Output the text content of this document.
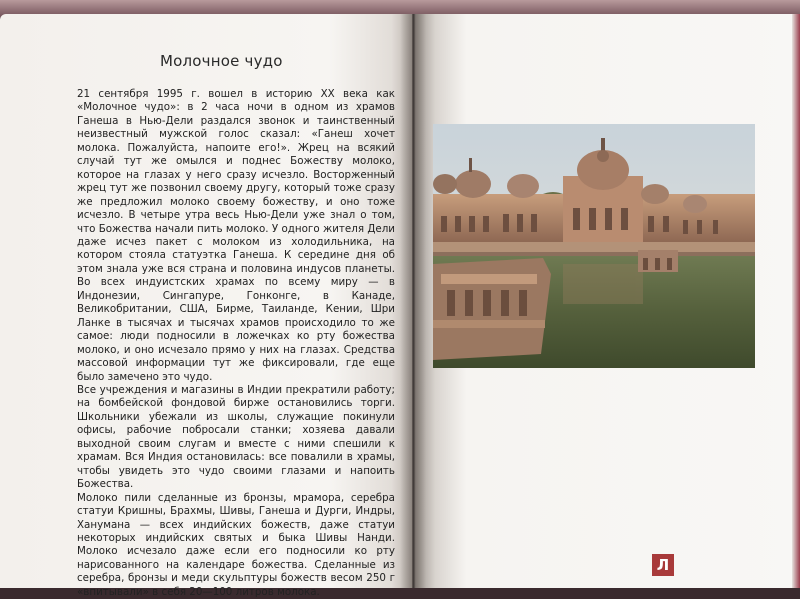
Молочное чудо

21 сентября 1995 г. вошел в историю XX века как «Молочное чудо»: в 2 часа ночи в одном из храмов Ганеша в Нью-Дели раздался звонок и таинственный неизвестный мужской голос сказал: «Ганеш хочет молока. Пожалуйста, напоите его!». Жрец на всякий случай тут же омылся и поднес Божеству молоко, которое на глазах у него сразу исчезло. Восторженный жрец тут же позвонил своему другу, который тоже сразу же предложил молоко своему божеству, и оно тоже исчезло. В четыре утра весь Нью-Дели уже знал о том, что Божества начали пить молоко. У одного жителя Дели даже исчез пакет с молоком из холодильника, на котором стояла статуэтка Ганеша. К середине дня об этом знала уже вся страна и половина индусов планеты. Во всех индуистских храмах по всему миру — в Индонезии, Сингапуре, Гонконге, в Канаде, Великобритании, США, Бирме, Таиланде, Кении, Шри Ланке в тысячах и тысячах храмов происходило то же самое: люди подносили в ложечках ко рту божества молоко, и оно исчезало прямо у них на глазах. Средства массовой информации тут же фиксировали, где еще было замечено это чудо.

Все учреждения и магазины в Индии прекратили работу; на бомбейской фондовой бирже остановились торги. Школьники убежали из школы, служащие покинули офисы, рабочие побросали станки; хозяева давали выходной своим слугам и вместе с ними спешили к храмам. Вся Индия остановилась: все повалили в храмы, чтобы увидеть это чудо своими глазами и напоить Божества.

Молоко пили сделанные из бронзы, мрамора, серебра статуи Кришны, Брахмы, Шивы, Ганеша и Дурги, Индры, Ханумана — всех индийских божеств, даже статуи некоторых индийских святых и быка Шивы Нанди. Молоко исчезало даже если его подносили ко рту нарисованного на календаре божества. Сделанные из серебра, бронзы и меди скульптуры божеств весом 250 г «впитывали» в себя 20—100 литров молока.

Л
